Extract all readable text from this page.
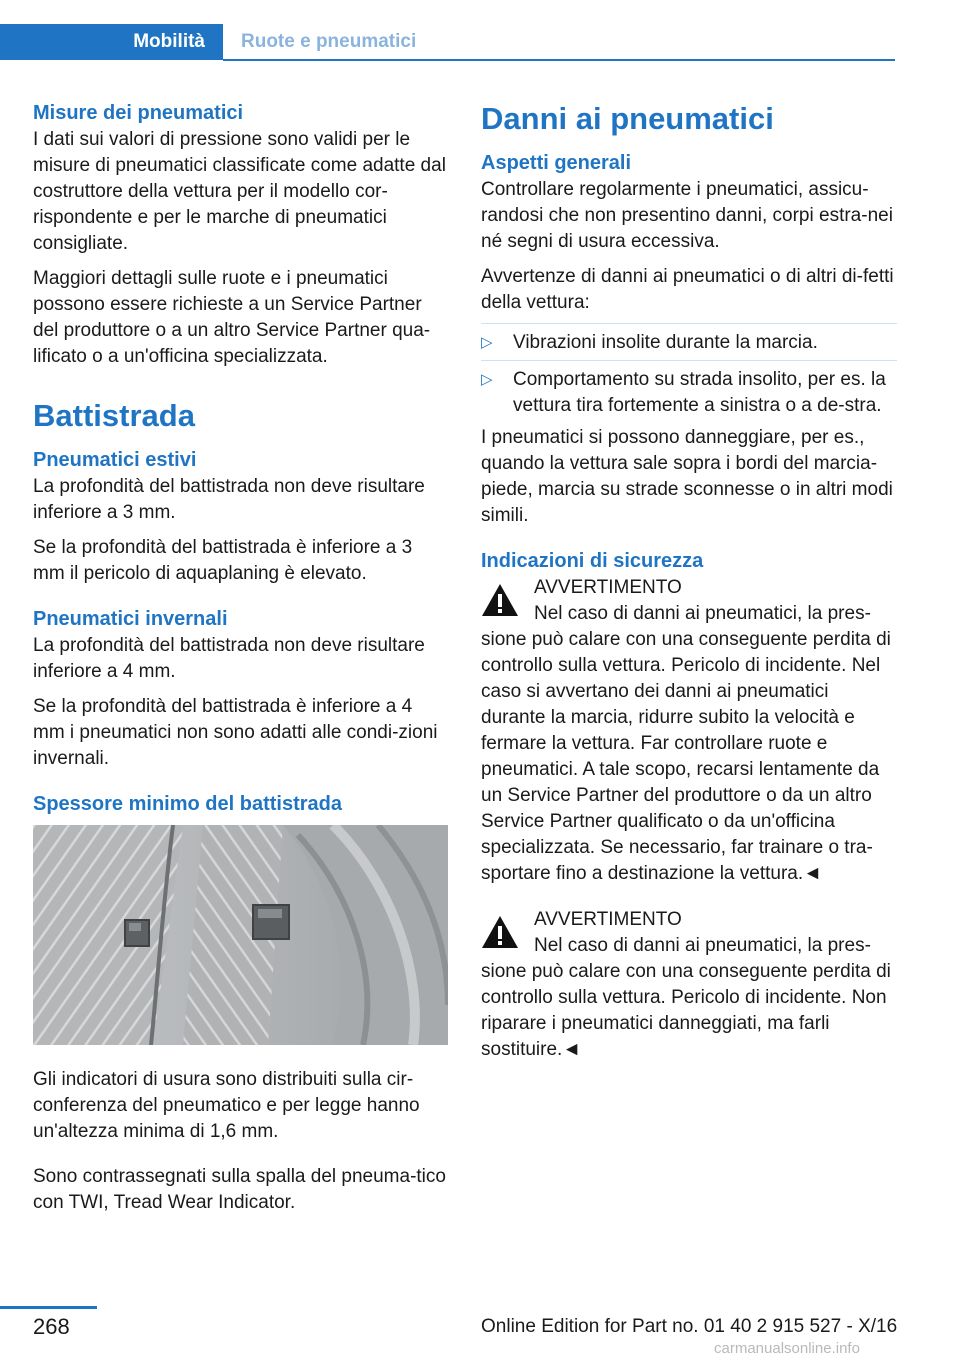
Mobilità	Ruote e pneumatici
Misure dei pneumatici

I dati sui valori di pressione sono validi per le misure di pneumatici classificate come adatte dal costruttore della vettura per il modello cor-rispondente e per le marche di pneumatici consigliate.

Maggiori dettagli sulle ruote e i pneumatici possono essere richieste a un Service Partner del produttore o a un altro Service Partner qua-lificato o a un'officina specializzata.

Battistrada
Pneumatici estivi

La profondità del battistrada non deve risultare inferiore a 3 mm.

Se la profondità del battistrada è inferiore a 3 mm il pericolo di aquaplaning è elevato.

Pneumatici invernali

La profondità del battistrada non deve risultare inferiore a 4 mm.

Se la profondità del battistrada è inferiore a 4 mm i pneumatici non sono adatti alle condi-zioni invernali.

Spessore minimo del battistrada

Gli indicatori di usura sono distribuiti sulla cir-conferenza del pneumatico e per legge hanno un'altezza minima di 1,6 mm.

Sono contrassegnati sulla spalla del pneuma-tico con TWI, Tread Wear Indicator.

Danni ai pneumatici
Aspetti generali

Controllare regolarmente i pneumatici, assicu-randosi che non presentino danni, corpi estra-nei né segni di usura eccessiva.

Avvertenze di danni ai pneumatici o di altri di-fetti della vettura:

▷ Vibrazioni insolite durante la marcia.
▷ Comportamento su strada insolito, per es. la vettura tira fortemente a sinistra o a de-stra.

I pneumatici si possono danneggiare, per es., quando la vettura sale sopra i bordi del marcia-piede, marcia su strade sconnesse o in altri modi simili.

Indicazioni di sicurezza
AVVERTIMENTO
Nel caso di danni ai pneumatici, la pres-
sione può calare con una conseguente perdita di controllo sulla vettura. Pericolo di incidente. Nel caso si avvertano dei danni ai pneumatici durante la marcia, ridurre subito la velocità e fermare la vettura. Far controllare ruote e pneumatici. A tale scopo, recarsi lentamente da un Service Partner del produttore o da un altro Service Partner qualificato o da un'officina specializzata. Se necessario, far trainare o tra-sportare fino a destinazione la vettura.◄
AVVERTIMENTO
Nel caso di danni ai pneumatici, la pres-
sione può calare con una conseguente perdita di controllo sulla vettura. Pericolo di incidente. Non riparare i pneumatici danneggiati, ma farli sostituire.◄
268	Online Edition for Part no. 01 40 2 915 527 - X/16
carmanualsonline.info
